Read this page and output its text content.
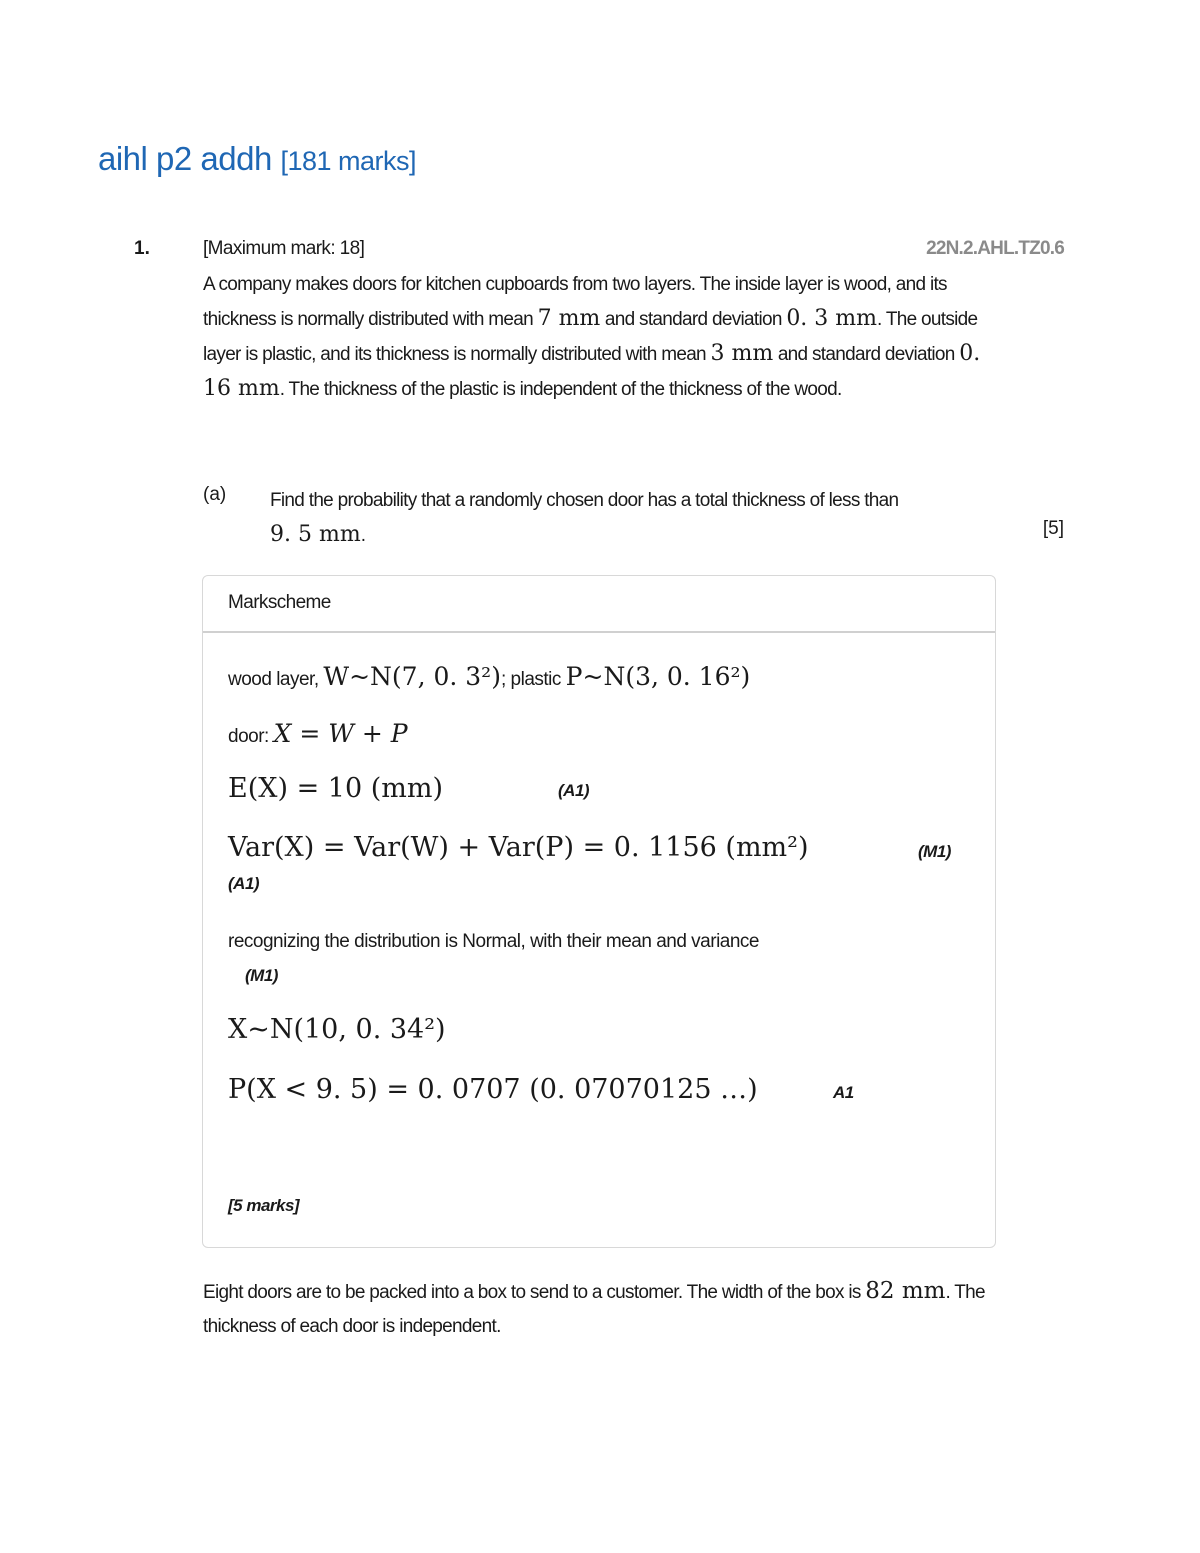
aihl p2 addh [181 marks]
1.	[Maximum mark: 18]	22N.2.AHL.TZ0.6
A company makes doors for kitchen cupboards from two layers. The inside layer is wood, and its thickness is normally distributed with mean 7 mm and standard deviation 0. 3 mm. The outside layer is plastic, and its thickness is normally distributed with mean 3 mm and standard deviation 0. 16 mm. The thickness of the plastic is independent of the thickness of the wood.
(a) Find the probability that a randomly chosen door has a total thickness of less than 9. 5 mm.	[5]
Markscheme
wood layer, W~N(7, 0. 3²); plastic P~N(3, 0. 16²)
door: X = W + P
E(X) = 10 (mm)	(A1)
Var(X) = Var(W) + Var(P) = 0. 1156 (mm²)	(M1)
(A1)
recognizing the distribution is Normal, with their mean and variance
(M1)
X~N(10, 0. 34²)
P(X < 9. 5) = 0. 0707 (0. 07070125 …)	A1
[5 marks]
Eight doors are to be packed into a box to send to a customer. The width of the box is 82 mm. The thickness of each door is independent.
